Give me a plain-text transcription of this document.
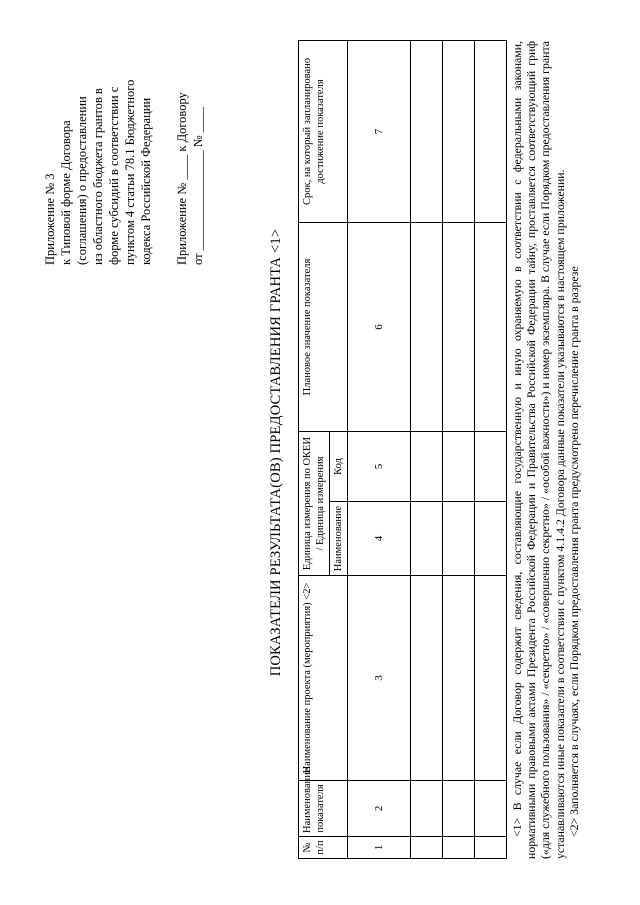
Приложение № 3 к Типовой форме Договора (соглашения) о предоставлении из областного бюджета грантов в форме субсидий в соответствии с пунктом 4 статьи 78.1 Бюджетного кодекса Российской Федерации Приложение № ____ к Договору от ________________ № ____
ПОКАЗАТЕЛИ РЕЗУЛЬТАТА(ОВ) ПРЕДОСТАВЛЕНИЯ ГРАНТА <1>
№ п/п	Наименование показателя	Наименование проекта (мероприятия) <2>	Единица измерения по ОКЕИ / Единица измерения		Плановое значение показателя	Срок, на который запланировано достижение показателя
			Наименование	Код		
1	2	3	4	5	6	7

							<1> В случае если Договор содержит сведения, составляющие государственную и иную охраняемую в соответствии с федеральными законами, нормативными правовыми актами Президента Российской Федерации и Правительства Российской Федерации тайну, проставляется соответствующий гриф («для служебного пользования» / «секретно» / «совершенно секретно» / «особой важности») и номер экземпляра. В случае если Порядком предоставления гранта устанавливаются иные показатели в соответствии с пунктом 4.1.4.2 Договора данные показатели указываются в настоящем приложении. <2> Заполняется в случаях, если Порядком предоставления гранта предусмотрено перечисление гранта в разрезе
